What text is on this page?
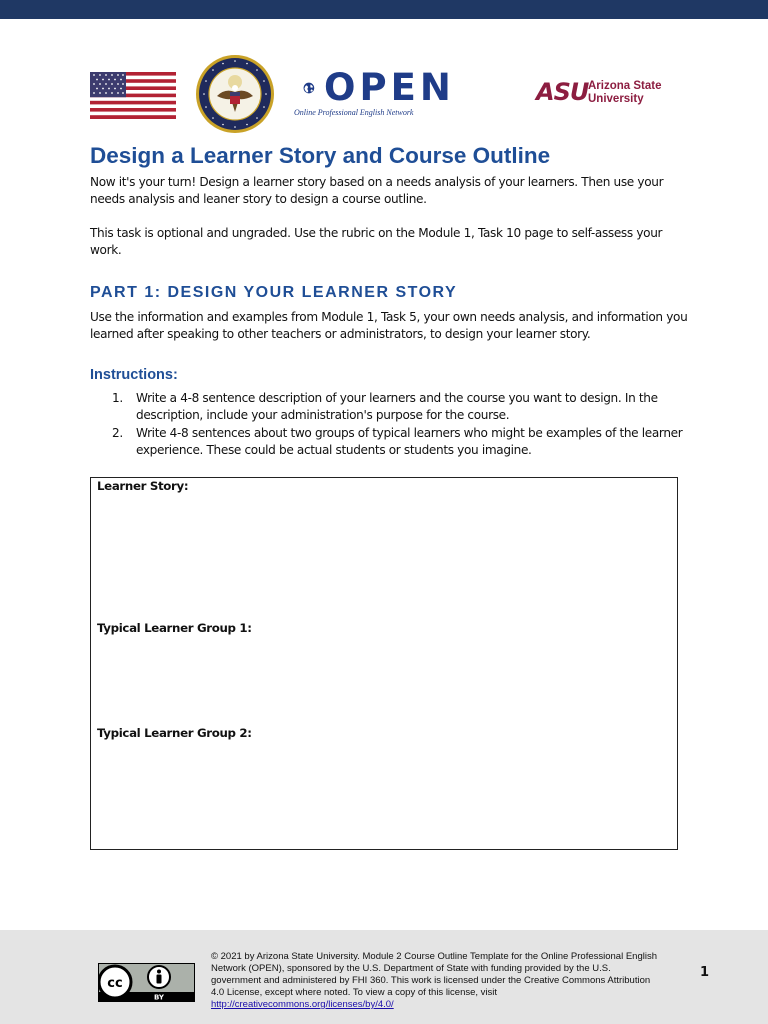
OPEN
Online Professional English Network
ASU Arizona State
University
Design a Learner Story and Course Outline

Now it's your turn! Design a learner story based on a needs analysis of your learners. Then use your needs analysis and leaner story to design a course outline.

This task is optional and ungraded. Use the rubric on the Module 1, Task 10 page to self-assess your work.

PART 1: DESIGN YOUR LEARNER STORY

Use the information and examples from Module 1, Task 5, your own needs analysis, and information you learned after speaking to other teachers or administrators, to design your learner story.

Instructions:
1. Write a 4-8 sentence description of your learners and the course you want to design. In the description, include your administration's purpose for the course.
2. Write 4-8 sentences about two groups of typical learners who might be examples of the learner experience. These could be actual students or students you imagine.

Learner Story:

Typical Learner Group 1:

Typical Learner Group 2:

cc
BY

© 2021 by Arizona State University. Module 2 Course Outline Template for the Online Professional English Network (OPEN), sponsored by the U.S. Department of State with funding provided by the U.S. government and administered by FHI 360. This work is licensed under the Creative Commons Attribution 4.0 License, except where noted. To view a copy of this license, visit http://creativecommons.org/licenses/by/4.0/

1
